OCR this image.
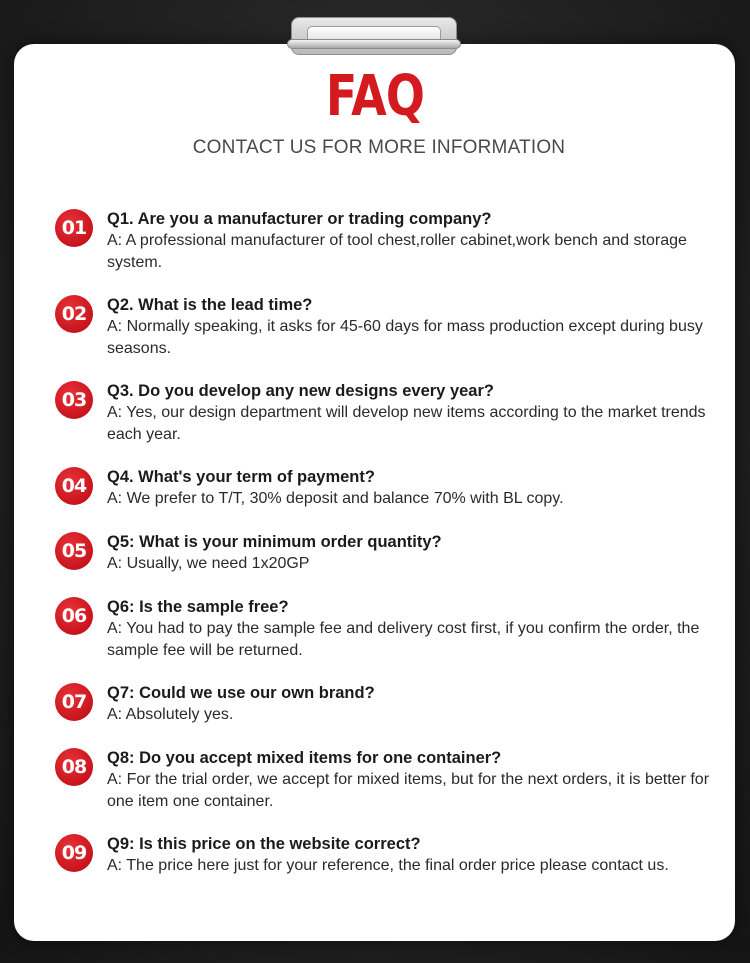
FAQ
CONTACT US FOR MORE INFORMATION
01	Q1. Are you a manufacturer or trading company?
A: A professional manufacturer of tool chest,roller cabinet,work bench and storage system.
02	Q2. What is the lead time?
A: Normally speaking, it asks for 45-60 days for mass production except during busy seasons.
03	Q3. Do you develop any new designs every year?
A: Yes, our design department will develop new items according to the market trends each year.
04	Q4. What's your term of payment?
A: We prefer to T/T, 30% deposit and balance 70% with BL copy.
05	Q5: What is your minimum order quantity?
A: Usually, we need 1x20GP
06	Q6: Is the sample free?
A: You had to pay the sample fee and delivery cost first, if you confirm the order, the sample fee will be returned.
07	Q7: Could we use our own brand?
A: Absolutely yes.
08	Q8: Do you accept mixed items for one container?
A: For the trial order, we accept for mixed items, but for the next orders, it is better for one item one container.
09	Q9: Is this price on the website correct?
A: The price here just for your reference, the final order price please contact us.
